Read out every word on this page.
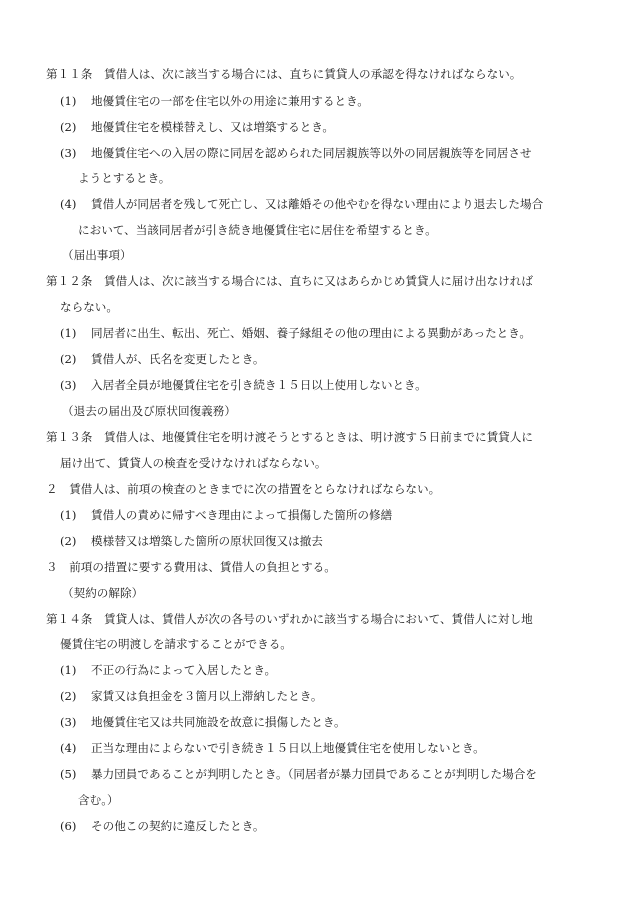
第１１条　賃借人は、次に該当する場合には、直ちに賃貸人の承認を得なければならない。
(1) 地優賃住宅の一部を住宅以外の用途に兼用するとき。
(2) 地優賃住宅を模様替えし、又は増築するとき。
(3) 地優賃住宅への入居の際に同居を認められた同居親族等以外の同居親族等を同居させ
ようとするとき。
(4) 賃借人が同居者を残して死亡し、又は離婚その他やむを得ない理由により退去した場合
において、当該同居者が引き続き地優賃住宅に居住を希望するとき。
（届出事項）
第１２条　賃借人は、次に該当する場合には、直ちに又はあらかじめ賃貸人に届け出なければ
ならない。
(1) 同居者に出生、転出、死亡、婚姻、養子縁組その他の理由による異動があったとき。
(2) 賃借人が、氏名を変更したとき。
(3) 入居者全員が地優賃住宅を引き続き１５日以上使用しないとき。
（退去の届出及び原状回復義務）
第１３条　賃借人は、地優賃住宅を明け渡そうとするときは、明け渡す５日前までに賃貸人に
届け出て、賃貸人の検査を受けなければならない。
２　賃借人は、前項の検査のときまでに次の措置をとらなければならない。
(1) 賃借人の責めに帰すべき理由によって損傷した箇所の修繕
(2) 模様替又は増築した箇所の原状回復又は撤去
３　前項の措置に要する費用は、賃借人の負担とする。
（契約の解除）
第１４条　賃貸人は、賃借人が次の各号のいずれかに該当する場合において、賃借人に対し地
優賃住宅の明渡しを請求することができる。
(1) 不正の行為によって入居したとき。
(2) 家賃又は負担金を３箇月以上滞納したとき。
(3) 地優賃住宅又は共同施設を故意に損傷したとき。
(4) 正当な理由によらないで引き続き１５日以上地優賃住宅を使用しないとき。
(5) 暴力団員であることが判明したとき。（同居者が暴力団員であることが判明した場合を
含む。）
(6) その他この契約に違反したとき。
